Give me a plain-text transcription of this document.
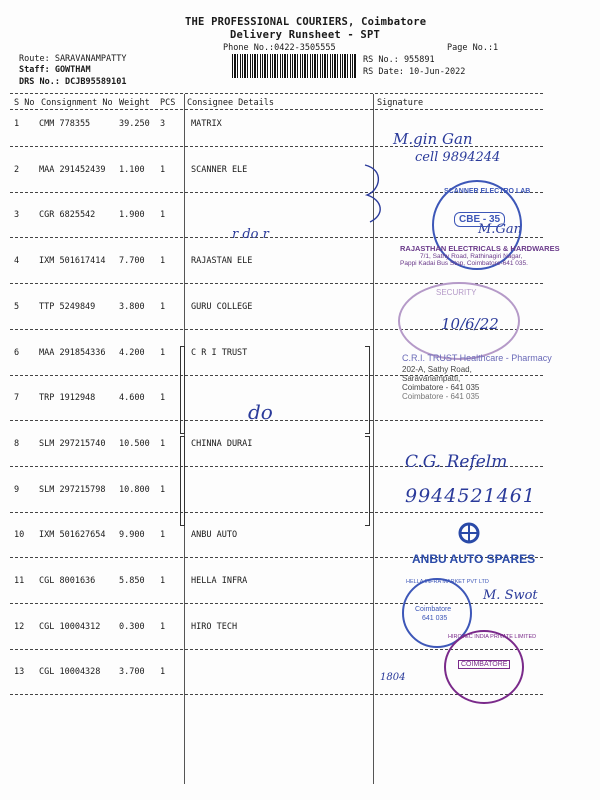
THE PROFESSIONAL COURIERS, Coimbatore
Delivery Runsheet - SPT
Phone No.:0422-3505555	Page No.:1
Route: SARAVANAMPATTY
Staff: GOWTHAM
DRS No.: DCJB95589101
RS No.: 955891
RS Date: 10-Jun-2022
S No Consignment No Weight PCS Consignee Details	Signature
1 CMM 778355	39.250 3	MATRIX
2 MAA 291452439 1.100 1	SCANNER ELE
3 CGR 6825542	1.900 1
4 IXM 501617414 7.700 1	RAJASTAN ELE
5 TTP 5249849	3.800 1	GURU COLLEGE
6 MAA 291854336 4.200 1	C R I TRUST
7 TRP 1912948	4.600 1
8 SLM 297215740 10.500 1	CHINNA DURAI
9 SLM 297215798 10.800 1
10 IXM 501627654 9.900 1	ANBU AUTO
11 CGL 8001636	5.850 1	HELLA INFRA
12 CGL 10004312 0.300 1	HIRO TECH
13 CGL 10004328 3.700 1
M.gin Gan
cell 9894244
r do r	M.Gan
10/6/22
do
C.G. Refelm
9944521461
M. Swot
1804
SCANNER ELECTRO LAB
CBE - 35
RAJASTHAN ELECTRICALS & HARDWARES
7/1, Sathy Road, Rathinagiri Nagar,
Pappi Kadai Bus Stop, Coimbatore-641 035.
SECURITY
C.R.I. TRUST Healthcare - Pharmacy
202-A, Sathy Road,
Saravanampatti,
Coimbatore - 641 035
Coimbatore - 641 035
ANBU AUTO SPARES
HELLA INFRA MARKET PVT LTD
Coimbatore
641 035
HIROTEC INDIA PRIVATE LIMITED
COIMBATORE
